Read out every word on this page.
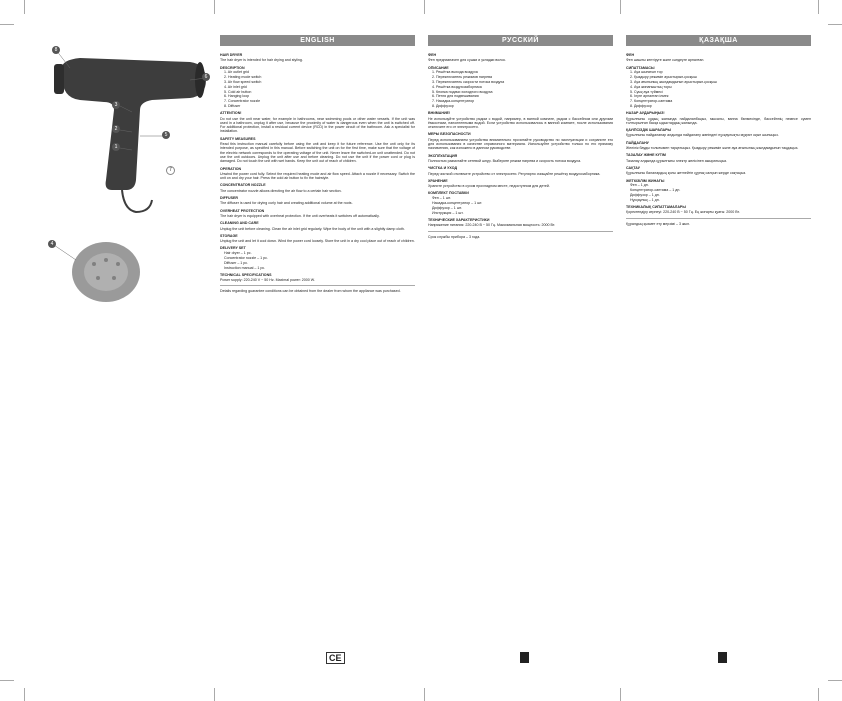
8
6
3
2
5
1
7
4
ENGLISH
HAIR DRYER
The hair dryer is intended for hair drying and styling.
DESCRIPTION
1. Air outlet grid
2. Heating mode switch
3. Air flow speed switch
4. Air inlet grid
5. Cold air button
6. Hanging loop
7. Concentrator nozzle
8. Diffuser
ATTENTION!
Do not use the unit near water, for example in bathrooms, near swimming pools or other water vessels. If the unit was used in a bathroom, unplug it after use, because the proximity of water is dangerous even when the unit is switched off. For additional protection, install a residual current device (RCD) in the power circuit of the bathroom. Ask a specialist for installation.
SAFETY MEASURES
Read this instruction manual carefully before using the unit and keep it for future reference. Use the unit only for its intended purpose, as specified in this manual. Before switching the unit on for the first time, make sure that the voltage of the electric network corresponds to the operating voltage of the unit. Never leave the switched-on unit unattended. Do not use the unit outdoors. Unplug the unit after use and before cleaning. Do not use the unit if the power cord or plug is damaged. Do not touch the unit with wet hands. Keep the unit out of reach of children.
OPERATION
Unwind the power cord fully. Select the required heating mode and air flow speed. Attach a nozzle if necessary. Switch the unit on and dry your hair. Press the cold air button to fix the hairstyle.
CONCENTRATOR NOZZLE
The concentrator nozzle allows directing the air flow to a certain hair section.
DIFFUSER
The diffuser is used for drying curly hair and creating additional volume at the roots.
OVERHEAT PROTECTION
The hair dryer is equipped with overheat protection. If the unit overheats it switches off automatically.
CLEANING AND CARE
Unplug the unit before cleaning. Clean the air inlet grid regularly. Wipe the body of the unit with a slightly damp cloth.
STORAGE
Unplug the unit and let it cool down. Wind the power cord loosely. Store the unit in a dry cool place out of reach of children.
DELIVERY SET
Hair dryer – 1 pc.
Concentrator nozzle – 1 pc.
Diffuser – 1 pc.
Instruction manual – 1 pc.
TECHNICAL SPECIFICATIONS
Power supply: 220-240 V ~ 50 Hz. Maximal power: 2000 W.
Details regarding guarantee conditions can be obtained from the dealer from whom the appliance was purchased.
CE
РУССКИЙ
ФЕН
Фен предназначен для сушки и укладки волос.
ОПИСАНИЕ
1. Решётка выхода воздуха
2. Переключатель режимов нагрева
3. Переключатель скорости потока воздуха
4. Решётка воздухозаборника
5. Кнопка подачи холодного воздуха
6. Петля для подвешивания
7. Насадка-концентратор
8. Диффузор
ВНИМАНИЕ!
Не используйте устройство рядом с водой, например, в ванной комнате, рядом с бассейном или другими ёмкостями, наполненными водой. Если устройство использовалось в ванной комнате, после использования отключите его от электросети.
МЕРЫ БЕЗОПАСНОСТИ
Перед использованием устройства внимательно прочитайте руководство по эксплуатации и сохраните его для использования в качестве справочного материала. Используйте устройство только по его прямому назначению, как изложено в данном руководстве.
ЭКСПЛУАТАЦИЯ
Полностью размотайте сетевой шнур. Выберите режим нагрева и скорость потока воздуха.
ЧИСТКА И УХОД
Перед чисткой отключите устройство от электросети. Регулярно очищайте решётку воздухозаборника.
ХРАНЕНИЕ
Храните устройство в сухом прохладном месте, недоступном для детей.
КОМПЛЕКТ ПОСТАВКИ
Фен – 1 шт.
Насадка-концентратор – 1 шт.
Диффузор – 1 шт.
Инструкция – 1 шт.
ТЕХНИЧЕСКИЕ ХАРАКТЕРИСТИКИ
Напряжение питания: 220-240 В ~ 50 Гц. Максимальная мощность: 2000 Вт.
Срок службы прибора – 3 года.
ҚАЗАҚША
ФЕН
Фен шашты кептіруге және сәндеуге арналған.
СИПАТТАМАСЫ
1. Ауа шығатын тор
2. Қыздыру режимін ауыстырып-қосқыш
3. Ауа ағынының жылдамдығын ауыстырып-қосқыш
4. Ауа жинағыштың торы
5. Суық ауа түймесі
6. Ілуге арналған ілмек
7. Концентратор-саптама
8. Диффузор
НАЗАР АУДАРЫҢЫЗ!
Құрылғыны судың жанында пайдаланбаңыз, мысалы, ванна бөлмесінде, бассейннің немесе сумен толтырылған басқа ыдыстардың жанында.
ҚАУІПСІЗДІК ШАРАЛАРЫ
Құрылғыны пайдаланар алдында пайдалану жөніндегі нұсқаулықты мұқият оқып шығыңыз.
ПАЙДАЛАНУ
Желілік бауды толығымен тарқатыңыз. Қыздыру режимін және ауа ағынының жылдамдығын таңдаңыз.
ТАЗАЛАУ ЖӘНЕ КҮТІМ
Тазалау алдында құрылғыны электр желісінен ажыратыңыз.
САҚТАУ
Құрылғыны балалардың қолы жетпейтін құрғақ салқын жерде сақтаңыз.
ЖЕТКІЗІЛІМ ЖИНАҒЫ
Фен – 1 дн.
Концентратор-саптама – 1 дн.
Диффузор – 1 дн.
Нұсқаулық – 1 дн.
ТЕХНИКАЛЫҚ СИПАТТАМАЛАРЫ
Қоректендіру кернеуі: 220-240 В ~ 50 Гц. Ең жоғарғы қуаты: 2000 Вт.
Құралдың қызмет ету мерзімі – 3 жыл.
